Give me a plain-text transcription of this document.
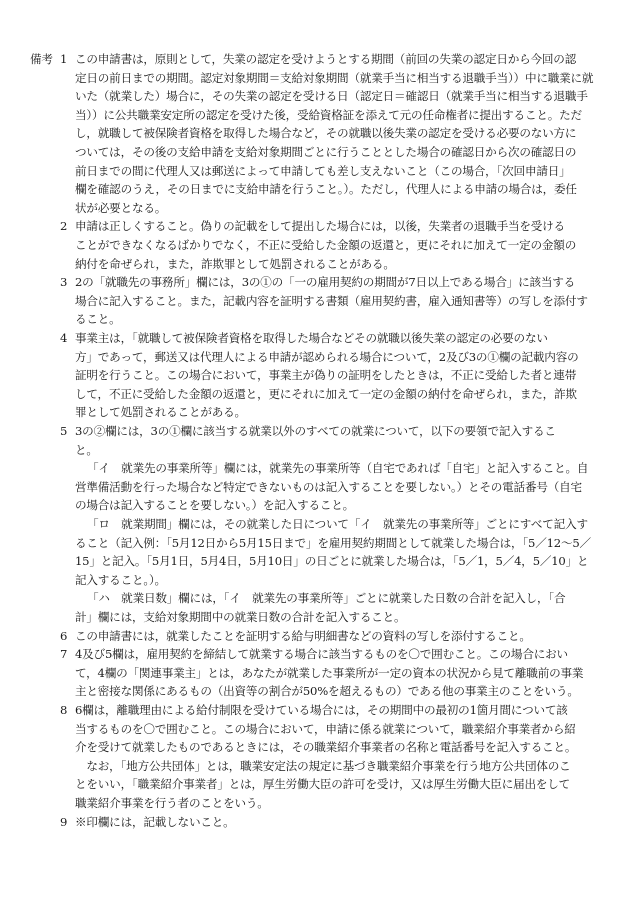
備考 1 この申請書は，原則として，失業の認定を受けようとする期間（前回の失業の認定日から今回の認
定日の前日までの期間。認定対象期間＝支給対象期間（就業手当に相当する退職手当））中に職業に就
いた（就業した）場合に，その失業の認定を受ける日（認定日＝確認日（就業手当に相当する退職手
当））に公共職業安定所の認定を受けた後，受給資格証を添えて元の任命権者に提出すること。ただ
し，就職して被保険者資格を取得した場合など，その就職以後失業の認定を受ける必要のない方に
ついては，その後の支給申請を支給対象期間ごとに行うこととした場合の確認日から次の確認日の
前日までの間に代理人又は郵送によって申請しても差し支えないこと（この場合，「次回申請日」
欄を確認のうえ，その日までに支給申請を行うこと。）。ただし，代理人による申請の場合は，委任
状が必要となる。
2 申請は正しくすること。偽りの記載をして提出した場合には，以後，失業者の退職手当を受ける
ことができなくなるばかりでなく，不正に受給した金額の返還と，更にそれに加えて一定の金額の
納付を命ぜられ，また，詐欺罪として処罰されることがある。
3 2の「就職先の事務所」欄には，3の①の「一の雇用契約の期間が7日以上である場合」に該当する
場合に記入すること。また，記載内容を証明する書類（雇用契約書，雇入通知書等）の写しを添付す
ること。
4 事業主は，「就職して被保険者資格を取得した場合などその就職以後失業の認定の必要のない
方」であって，郵送又は代理人による申請が認められる場合について，2及び3の①欄の記載内容の
証明を行うこと。この場合において，事業主が偽りの証明をしたときは，不正に受給した者と連帯
して，不正に受給した金額の返還と，更にそれに加えて一定の金額の納付を命ぜられ，また，詐欺
罪として処罰されることがある。
5 3の②欄には，3の①欄に該当する就業以外のすべての就業について，以下の要領で記入するこ
と。
「イ　就業先の事業所等」欄には，就業先の事業所等（自宅であれば「自宅」と記入すること。自
営準備活動を行った場合など特定できないものは記入することを要しない。）とその電話番号（自宅
の場合は記入することを要しない。）を記入すること。
「ロ　就業期間」欄には，その就業した日について「イ　就業先の事業所等」ごとにすべて記入す
ること（記入例：「5月12日から5月15日まで」を雇用契約期間として就業した場合は，「5／12～5／
15」と記入。「5月1日，5月4日，5月10日」の日ごとに就業した場合は，「5／1，5／4，5／10」と
記入すること。）。
「ハ　就業日数」欄には，「イ　就業先の事業所等」ごとに就業した日数の合計を記入し，「合
計」欄には，支給対象期間中の就業日数の合計を記入すること。
6 この申請書には，就業したことを証明する給与明細書などの資料の写しを添付すること。
7 4及び5欄は，雇用契約を締結して就業する場合に該当するものを〇で囲むこと。この場合におい
て，4欄の「関連事業主」とは，あなたが就業した事業所が一定の資本の状況から見て離職前の事業
主と密接な関係にあるもの（出資等の割合が50%を超えるもの）である他の事業主のことをいう。
8 6欄は，離職理由による給付制限を受けている場合には，その期間中の最初の1箇月間について該
当するものを〇で囲むこと。この場合において，申請に係る就業について，職業紹介事業者から紹
介を受けて就業したものであるときには，その職業紹介事業者の名称と電話番号を記入すること。
　なお，「地方公共団体」とは，職業安定法の規定に基づき職業紹介事業を行う地方公共団体のこ
とをいい，「職業紹介事業者」とは，厚生労働大臣の許可を受け，又は厚生労働大臣に届出をして
職業紹介事業を行う者のことをいう。
9 ※印欄には，記載しないこと。
